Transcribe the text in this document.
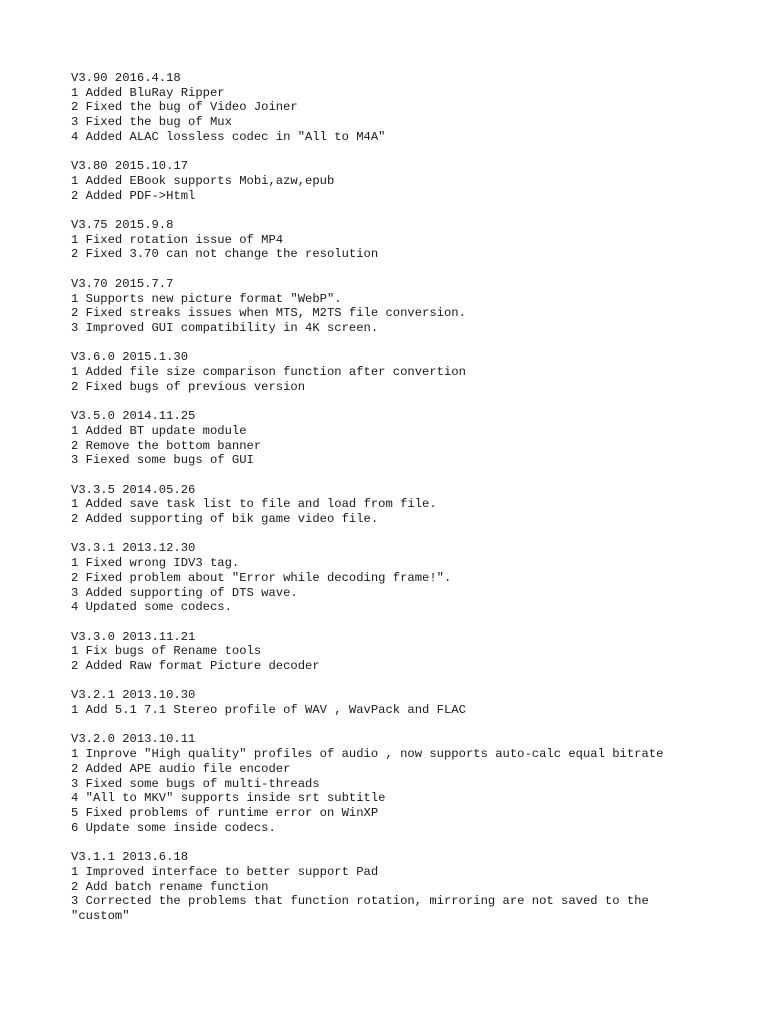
V3.90 2016.4.18
1 Added BluRay Ripper
2 Fixed the bug of Video Joiner
3 Fixed the bug of Mux
4 Added ALAC lossless codec in "All to M4A"
V3.80 2015.10.17
1 Added EBook supports Mobi,azw,epub
2 Added PDF->Html
V3.75 2015.9.8
1 Fixed rotation issue of MP4
2 Fixed 3.70 can not change the resolution
V3.70 2015.7.7
1 Supports new picture format "WebP".
2 Fixed streaks issues when MTS, M2TS file conversion.
3 Improved GUI compatibility in 4K screen.
V3.6.0 2015.1.30
1 Added file size comparison function after convertion
2 Fixed bugs of previous version
V3.5.0 2014.11.25
1 Added BT update module
2 Remove the bottom banner
3 Fiexed some bugs of GUI
V3.3.5 2014.05.26
1 Added save task list to file and load from file.
2 Added supporting of bik game video file.
V3.3.1 2013.12.30
1 Fixed wrong IDV3 tag.
2 Fixed problem about "Error while decoding frame!".
3 Added supporting of DTS wave.
4 Updated some codecs.
V3.3.0 2013.11.21
1 Fix bugs of Rename tools
2 Added Raw format Picture decoder
V3.2.1 2013.10.30
1 Add 5.1 7.1 Stereo profile of WAV , WavPack and FLAC
V3.2.0 2013.10.11
1 Inprove "High quality" profiles of audio , now supports auto-calc equal bitrate
2 Added APE audio file encoder
3 Fixed some bugs of multi-threads
4 "All to MKV" supports inside srt subtitle
5 Fixed problems of runtime error on WinXP
6 Update some inside codecs.
V3.1.1 2013.6.18
1 Improved interface to better support Pad
2 Add batch rename function
3 Corrected the problems that function rotation, mirroring are not saved to the "custom"
